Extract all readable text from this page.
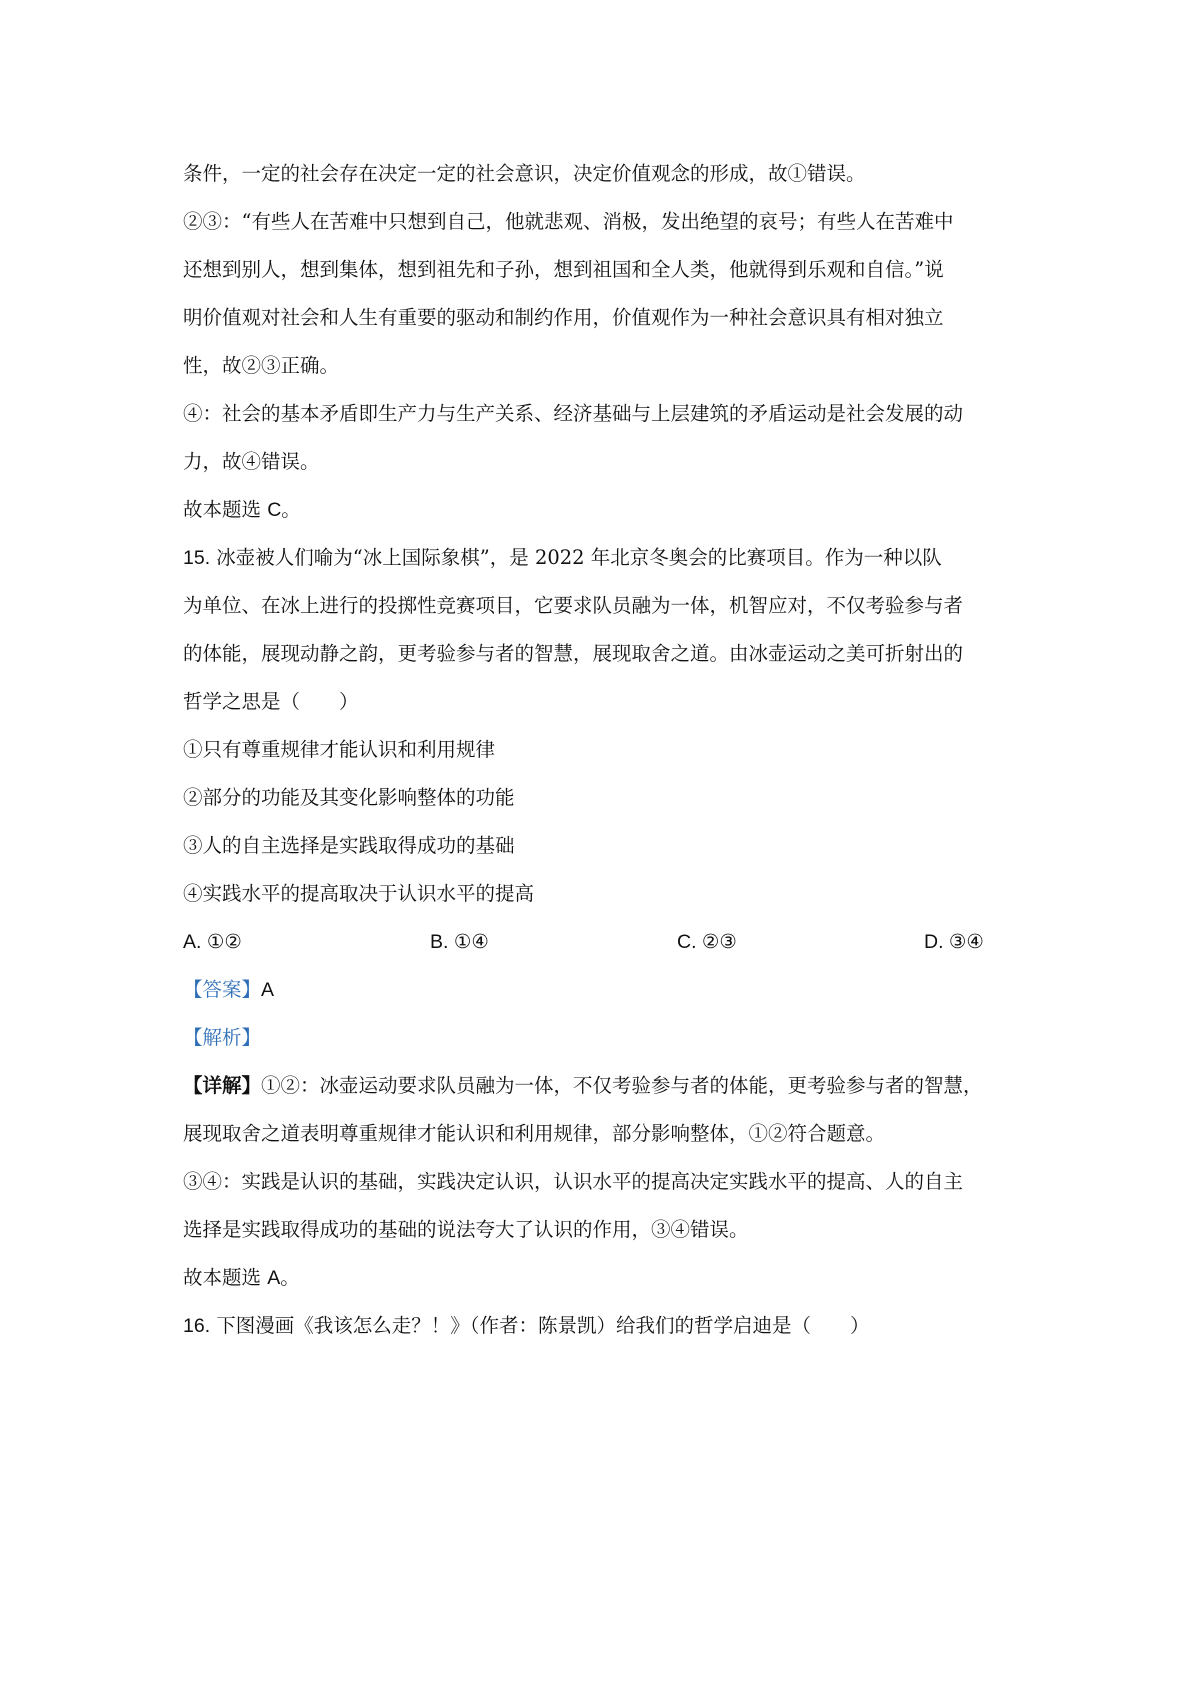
条件，一定的社会存在决定一定的社会意识，决定价值观念的形成，故①错误。
②③：“有些人在苦难中只想到自己，他就悲观、消极，发出绝望的哀号；有些人在苦难中
还想到别人，想到集体，想到祖先和子孙，想到祖国和全人类，他就得到乐观和自信。”说
明价值观对社会和人生有重要的驱动和制约作用，价值观作为一种社会意识具有相对独立
性，故②③正确。
④：社会的基本矛盾即生产力与生产关系、经济基础与上层建筑的矛盾运动是社会发展的动
力，故④错误。
故本题选 C。
15. 冰壶被人们喻为“冰上国际象棋”，是 2022 年北京冬奥会的比赛项目。作为一种以队
为单位、在冰上进行的投掷性竞赛项目，它要求队员融为一体，机智应对，不仅考验参与者
的体能，展现动静之韵，更考验参与者的智慧，展现取舍之道。由冰壶运动之美可折射出的
哲学之思是（　　）
①只有尊重规律才能认识和利用规律
②部分的功能及其变化影响整体的功能
③人的自主选择是实践取得成功的基础
④实践水平的提高取决于认识水平的提高
A. ①②	B. ①④	C. ②③	D. ③④
【答案】A
【解析】
【详解】①②：冰壶运动要求队员融为一体，不仅考验参与者的体能，更考验参与者的智慧，
展现取舍之道表明尊重规律才能认识和利用规律，部分影响整体，①②符合题意。
③④：实践是认识的基础，实践决定认识，认识水平的提高决定实践水平的提高、人的自主
选择是实践取得成功的基础的说法夸大了认识的作用，③④错误。
故本题选 A。
16. 下图漫画《我该怎么走？！》（作者：陈景凯）给我们的哲学启迪是（　　）
